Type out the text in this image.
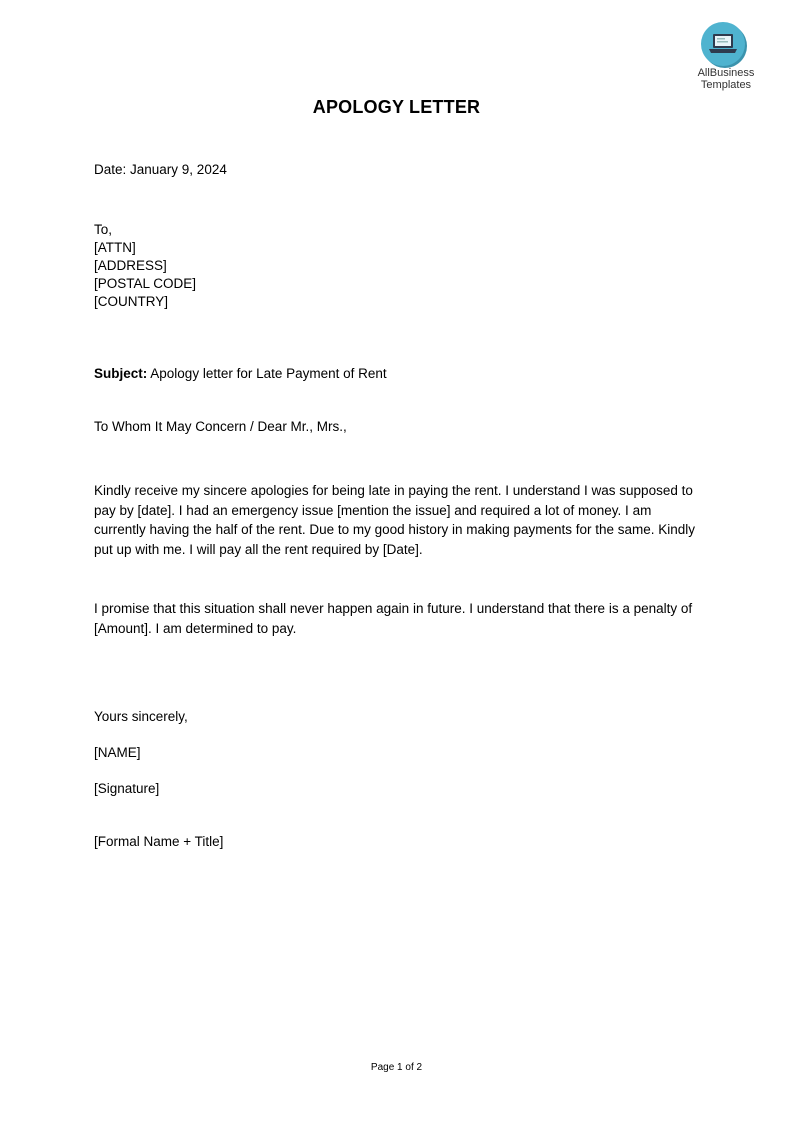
AllBusiness
Templates
APOLOGY LETTER
Date: January 9, 2024
To,
[ATTN]
[ADDRESS]
[POSTAL CODE]
[COUNTRY]
Subject: Apology letter for Late Payment of Rent
To Whom It May Concern / Dear Mr., Mrs.,
Kindly receive my sincere apologies for being late in paying the rent. I understand I was supposed to pay by [date]. I had an emergency issue [mention the issue] and required a lot of money. I am currently having the half of the rent. Due to my good history in making payments for the same. Kindly put up with me. I will pay all the rent required by [Date].
I promise that this situation shall never happen again in future. I understand that there is a penalty of [Amount]. I am determined to pay.
Yours sincerely,
[NAME]
[Signature]
[Formal Name + Title]
Page 1 of 2
